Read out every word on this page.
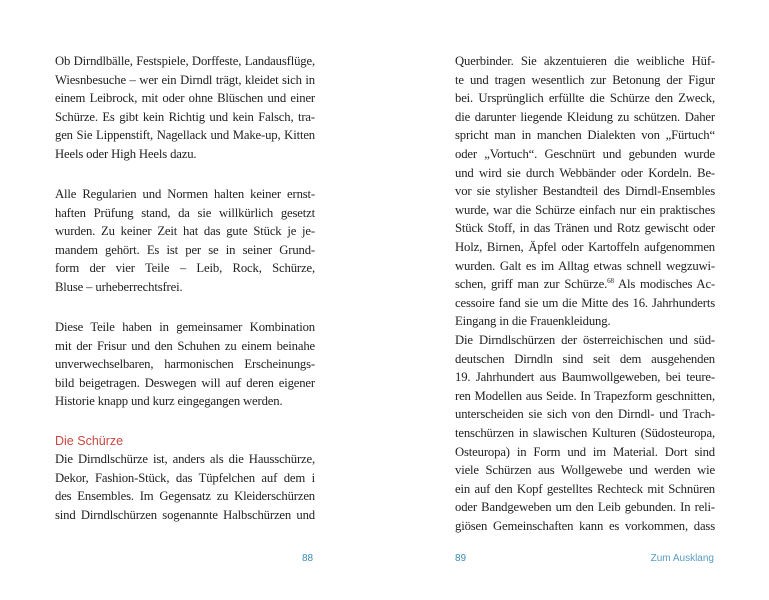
Ob Dirndlbälle, Festspiele, Dorffeste, Landausflüge,
Wiesnbesuche – wer ein Dirndl trägt, kleidet sich in
einem Leibrock, mit oder ohne Blüschen und einer
Schürze. Es gibt kein Richtig und kein Falsch, tra-
gen Sie Lippenstift, Nagellack und Make-up, Kitten
Heels oder High Heels dazu.
Alle Regularien und Normen halten keiner ernst-
haften Prüfung stand, da sie willkürlich gesetzt
wurden. Zu keiner Zeit hat das gute Stück je je-
mandem gehört. Es ist per se in seiner Grund-
form der vier Teile – Leib, Rock, Schürze,
Bluse – urheberrechtsfrei.
Diese Teile haben in gemeinsamer Kombination
mit der Frisur und den Schuhen zu einem beinahe
unverwechselbaren, harmonischen Erscheinungs-
bild beigetragen. Deswegen will auf deren eigener
Historie knapp und kurz eingegangen werden.
Die Schürze
Die Dirndlschürze ist, anders als die Hausschürze,
Dekor, Fashion-Stück, das Tüpfelchen auf dem i
des Ensembles. Im Gegensatz zu Kleiderschürzen
sind Dirndlschürzen sogenannte Halbschürzen und
88
Querbinder. Sie akzentuieren die weibliche Hüf-
te und tragen wesentlich zur Betonung der Figur
bei. Ursprünglich erfüllte die Schürze den Zweck,
die darunter liegende Kleidung zu schützen. Daher
spricht man in manchen Dialekten von „Fürtuch“
oder „Vortuch“. Geschnürt und gebunden wurde
und wird sie durch Webbänder oder Kordeln. Be-
vor sie stylisher Bestandteil des Dirndl-Ensembles
wurde, war die Schürze einfach nur ein praktisches
Stück Stoff, in das Tränen und Rotz gewischt oder
Holz, Birnen, Äpfel oder Kartoffeln aufgenommen
wurden. Galt es im Alltag etwas schnell wegzuwi-
schen, griff man zur Schürze.$^{68}$ Als modisches Ac-
cessoire fand sie um die Mitte des 16. Jahrhunderts
Eingang in die Frauenkleidung.
Die Dirndlschürzen der österreichischen und süd-
deutschen Dirndln sind seit dem ausgehenden
19. Jahrhundert aus Baumwollgeweben, bei teure-
ren Modellen aus Seide. In Trapezform geschnitten,
unterscheiden sie sich von den Dirndl- und Trach-
tenschürzen in slawischen Kulturen (Südosteuropa,
Osteuropa) in Form und im Material. Dort sind
viele Schürzen aus Wollgewebe und werden wie
ein auf den Kopf gestelltes Rechteck mit Schnüren
oder Bandgeweben um den Leib gebunden. In reli-
giösen Gemeinschaften kann es vorkommen, dass
89	Zum Ausklang
